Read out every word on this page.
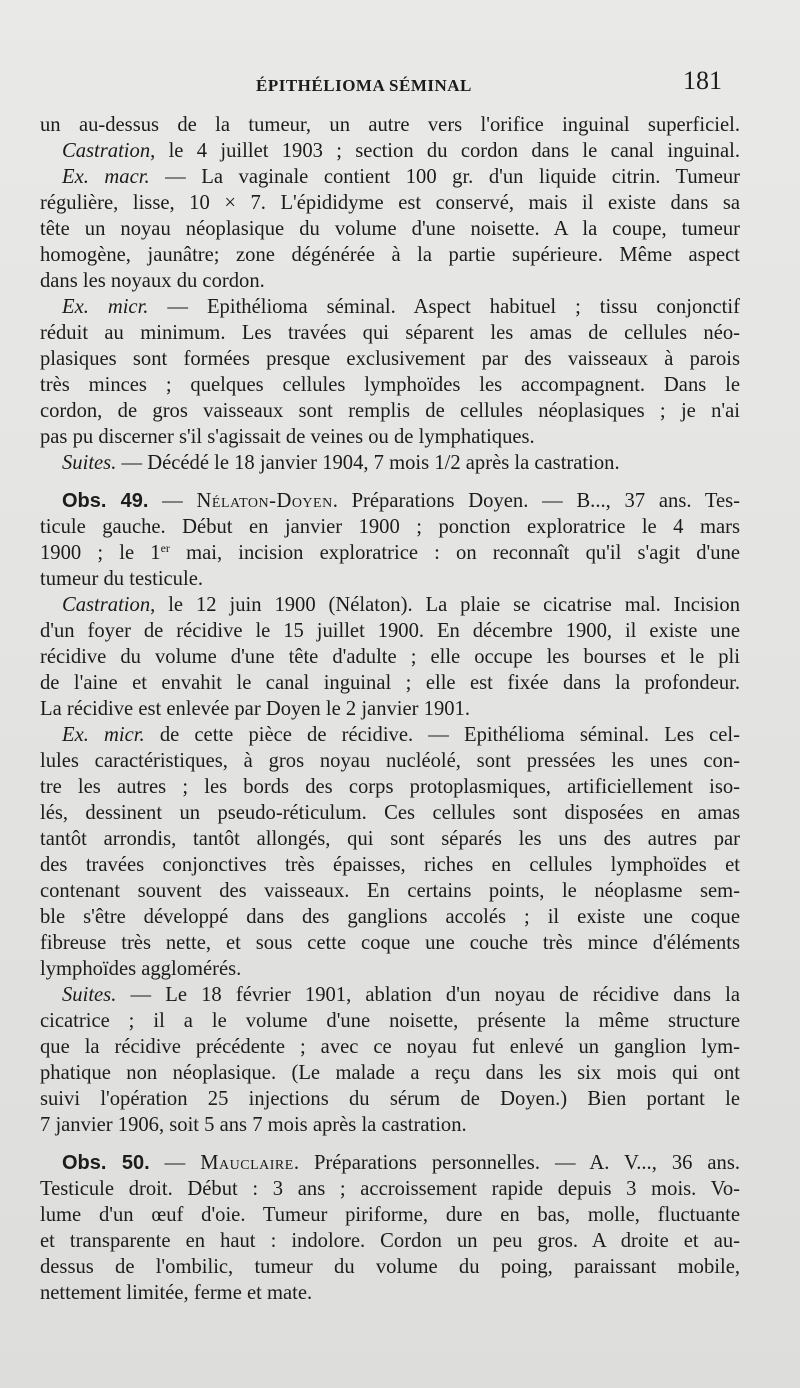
ÉPITHÉLIOMA SÉMINAL	181
un au-dessus de la tumeur, un autre vers l'orifice inguinal superficiel.
Castration, le 4 juillet 1903 ; section du cordon dans le canal inguinal.
Ex. macr. — La vaginale contient 100 gr. d'un liquide citrin. Tumeur
régulière, lisse, 10 × 7. L'épididyme est conservé, mais il existe dans sa
tête un noyau néoplasique du volume d'une noisette. A la coupe, tumeur
homogène, jaunâtre; zone dégénérée à la partie supérieure. Même aspect
dans les noyaux du cordon.
Ex. micr. — Epithélioma séminal. Aspect habituel ; tissu conjonctif
réduit au minimum. Les travées qui séparent les amas de cellules néo-
plasiques sont formées presque exclusivement par des vaisseaux à parois
très minces ; quelques cellules lymphoïdes les accompagnent. Dans le
cordon, de gros vaisseaux sont remplis de cellules néoplasiques ; je n'ai
pas pu discerner s'il s'agissait de veines ou de lymphatiques.
Suites. — Décédé le 18 janvier 1904, 7 mois 1/2 après la castration.
Obs. 49. — Nélaton-Doyen. Préparations Doyen. — B..., 37 ans. Tes-
ticule gauche. Début en janvier 1900 ; ponction exploratrice le 4 mars
1900 ; le 1er mai, incision exploratrice : on reconnaît qu'il s'agit d'une
tumeur du testicule.
Castration, le 12 juin 1900 (Nélaton). La plaie se cicatrise mal. Incision
d'un foyer de récidive le 15 juillet 1900. En décembre 1900, il existe une
récidive du volume d'une tête d'adulte ; elle occupe les bourses et le pli
de l'aine et envahit le canal inguinal ; elle est fixée dans la profondeur.
La récidive est enlevée par Doyen le 2 janvier 1901.
Ex. micr. de cette pièce de récidive. — Epithélioma séminal. Les cel-
lules caractéristiques, à gros noyau nucléolé, sont pressées les unes con-
tre les autres ; les bords des corps protoplasmiques, artificiellement iso-
lés, dessinent un pseudo-réticulum. Ces cellules sont disposées en amas
tantôt arrondis, tantôt allongés, qui sont séparés les uns des autres par
des travées conjonctives très épaisses, riches en cellules lymphoïdes et
contenant souvent des vaisseaux. En certains points, le néoplasme sem-
ble s'être développé dans des ganglions accolés ; il existe une coque
fibreuse très nette, et sous cette coque une couche très mince d'éléments
lymphoïdes agglomérés.
Suites. — Le 18 février 1901, ablation d'un noyau de récidive dans la
cicatrice ; il a le volume d'une noisette, présente la même structure
que la récidive précédente ; avec ce noyau fut enlevé un ganglion lym-
phatique non néoplasique. (Le malade a reçu dans les six mois qui ont
suivi l'opération 25 injections du sérum de Doyen.) Bien portant le
7 janvier 1906, soit 5 ans 7 mois après la castration.
Obs. 50. — Mauclaire. Préparations personnelles. — A. V..., 36 ans.
Testicule droit. Début : 3 ans ; accroissement rapide depuis 3 mois. Vo-
lume d'un œuf d'oie. Tumeur piriforme, dure en bas, molle, fluctuante
et transparente en haut : indolore. Cordon un peu gros. A droite et au-
dessus de l'ombilic, tumeur du volume du poing, paraissant mobile,
nettement limitée, ferme et mate.
